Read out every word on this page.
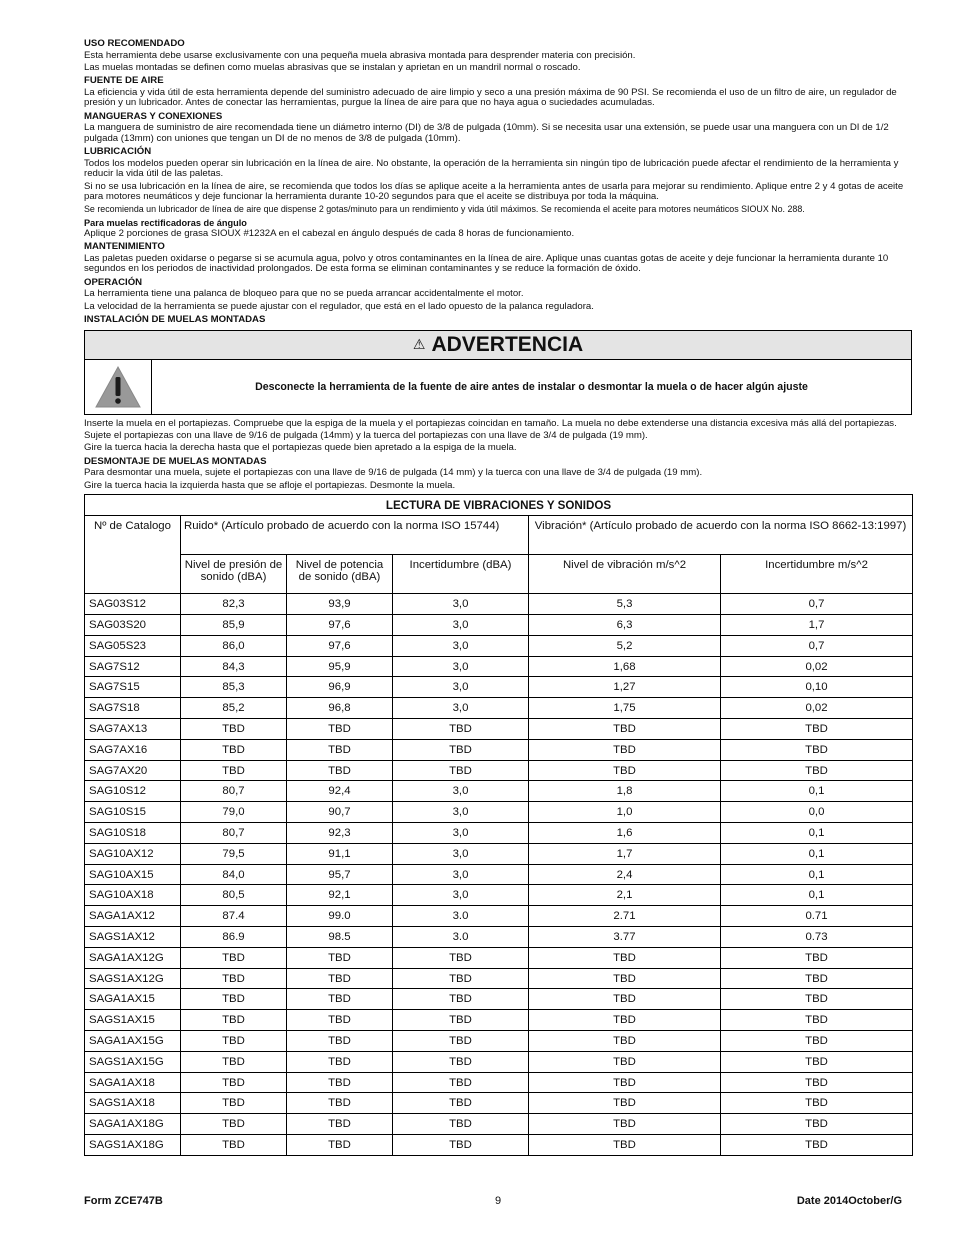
USO RECOMENDADO
Esta herramienta debe usarse exclusivamente con una pequeña muela abrasiva montada para desprender materia con precisión.
Las muelas montadas se definen como muelas abrasivas que se instalan y aprietan en un mandril normal o roscado.
FUENTE DE AIRE
La eficiencia y vida útil de esta herramienta depende del suministro adecuado de aire limpio y seco a una presión máxima de 90 PSI. Se recomienda el uso de un filtro de aire, un regulador de presión y un lubricador. Antes de conectar las herramientas, purgue la línea de aire para que no haya agua o suciedades acumuladas.
MANGUERAS Y CONEXIONES
La manguera de suministro de aire recomendada tiene un diámetro interno (DI) de 3/8 de pulgada (10mm). Si se necesita usar una extensión, se puede usar una manguera con un DI de 1/2 pulgada (13mm) con uniones que tengan un DI de no menos de 3/8 de pulgada (10mm).
LUBRICACIÓN
Todos los modelos pueden operar sin lubricación en la línea de aire. No obstante, la operación de la herramienta sin ningún tipo de lubricación puede afectar el rendimiento de la herramienta y reducir la vida útil de las paletas.
Si no se usa lubricación en la línea de aire, se recomienda que todos los días se aplique aceite a la herramienta antes de usarla para mejorar su rendimiento. Aplique entre 2 y 4 gotas de aceite para motores neumáticos y deje funcionar la herramienta durante 10-20 segundos para que el aceite se distribuya por toda la máquina.
Se recomienda un lubricador de línea de aire que dispense 2 gotas/minuto para un rendimiento y vida útil máximos. Se recomienda el aceite para motores neumáticos SIOUX No. 288.
Para muelas rectificadoras de ángulo
Aplique 2 porciones de grasa SIOUX #1232A en el cabezal en ángulo después de cada 8 horas de funcionamiento.
MANTENIMIENTO
Las paletas pueden oxidarse o pegarse si se acumula agua, polvo y otros contaminantes en la línea de aire. Aplique unas cuantas gotas de aceite y deje funcionar la herramienta durante 10 segundos en los periodos de inactividad prolongados. De esta forma se eliminan contaminantes y se reduce la formación de óxido.
OPERACIÓN
La herramienta tiene una palanca de bloqueo para que no se pueda arrancar accidentalmente el motor.
La velocidad de la herramienta se puede ajustar con el regulador, que está en el lado opuesto de la palanca reguladora.
INSTALACIÓN DE MUELAS MONTADAS
⚠ ADVERTENCIA
Desconecte la herramienta de la fuente de aire antes de instalar o desmontar la muela o de hacer algún ajuste
Inserte la muela en el portapiezas. Compruebe que la espiga de la muela y el portapiezas coincidan en tamaño. La muela no debe extenderse una distancia excesiva más allá del portapiezas.
Sujete el portapiezas con una llave de 9/16 de pulgada (14mm) y la tuerca del portapiezas con una llave de 3/4 de pulgada (19 mm).
Gire la tuerca hacia la derecha hasta que el portapiezas quede bien apretado a la espiga de la muela.
DESMONTAJE DE MUELAS MONTADAS
Para desmontar una muela, sujete el portapiezas con una llave de 9/16 de pulgada (14 mm) y la tuerca con una llave de 3/4 de pulgada (19 mm).
Gire la tuerca hacia la izquierda hasta que se afloje el portapiezas. Desmonte la muela.
LECTURA DE VIBRACIONES Y SONIDOS					
Nº de Catalogo	Ruido* (Artículo probado de acuerdo con la norma ISO 15744)			Vibración* (Artículo probado de acuerdo con la norma ISO 8662-13:1997)	
	Nivel de presión de sonido (dBA)	Nivel de potencia de sonido (dBA)	Incertidumbre (dBA)	Nivel de vibración m/s^2	Incertidumbre m/s^2
SAG03S12	82,3	93,9	3,0	5,3	0,7
SAG03S20	85,9	97,6	3,0	6,3	1,7
SAG05S23	86,0	97,6	3,0	5,2	0,7
SAG7S12	84,3	95,9	3,0	1,68	0,02
SAG7S15	85,3	96,9	3,0	1,27	0,10
SAG7S18	85,2	96,8	3,0	1,75	0,02
SAG7AX13	TBD	TBD	TBD	TBD	TBD
SAG7AX16	TBD	TBD	TBD	TBD	TBD
SAG7AX20	TBD	TBD	TBD	TBD	TBD
SAG10S12	80,7	92,4	3,0	1,8	0,1
SAG10S15	79,0	90,7	3,0	1,0	0,0
SAG10S18	80,7	92,3	3,0	1,6	0,1
SAG10AX12	79,5	91,1	3,0	1,7	0,1
SAG10AX15	84,0	95,7	3,0	2,4	0,1
SAG10AX18	80,5	92,1	3,0	2,1	0,1
SAGA1AX12	87.4	99.0	3.0	2.71	0.71
SAGS1AX12	86.9	98.5	3.0	3.77	0.73
SAGA1AX12G	TBD	TBD	TBD	TBD	TBD
SAGS1AX12G	TBD	TBD	TBD	TBD	TBD
SAGA1AX15	TBD	TBD	TBD	TBD	TBD
SAGS1AX15	TBD	TBD	TBD	TBD	TBD
SAGA1AX15G	TBD	TBD	TBD	TBD	TBD
SAGS1AX15G	TBD	TBD	TBD	TBD	TBD
SAGA1AX18	TBD	TBD	TBD	TBD	TBD
SAGS1AX18	TBD	TBD	TBD	TBD	TBD
SAGA1AX18G	TBD	TBD	TBD	TBD	TBD
SAGS1AX18G	TBD	TBD	TBD	TBD	TBD
Form ZCE747B	9	Date 2014October/G
